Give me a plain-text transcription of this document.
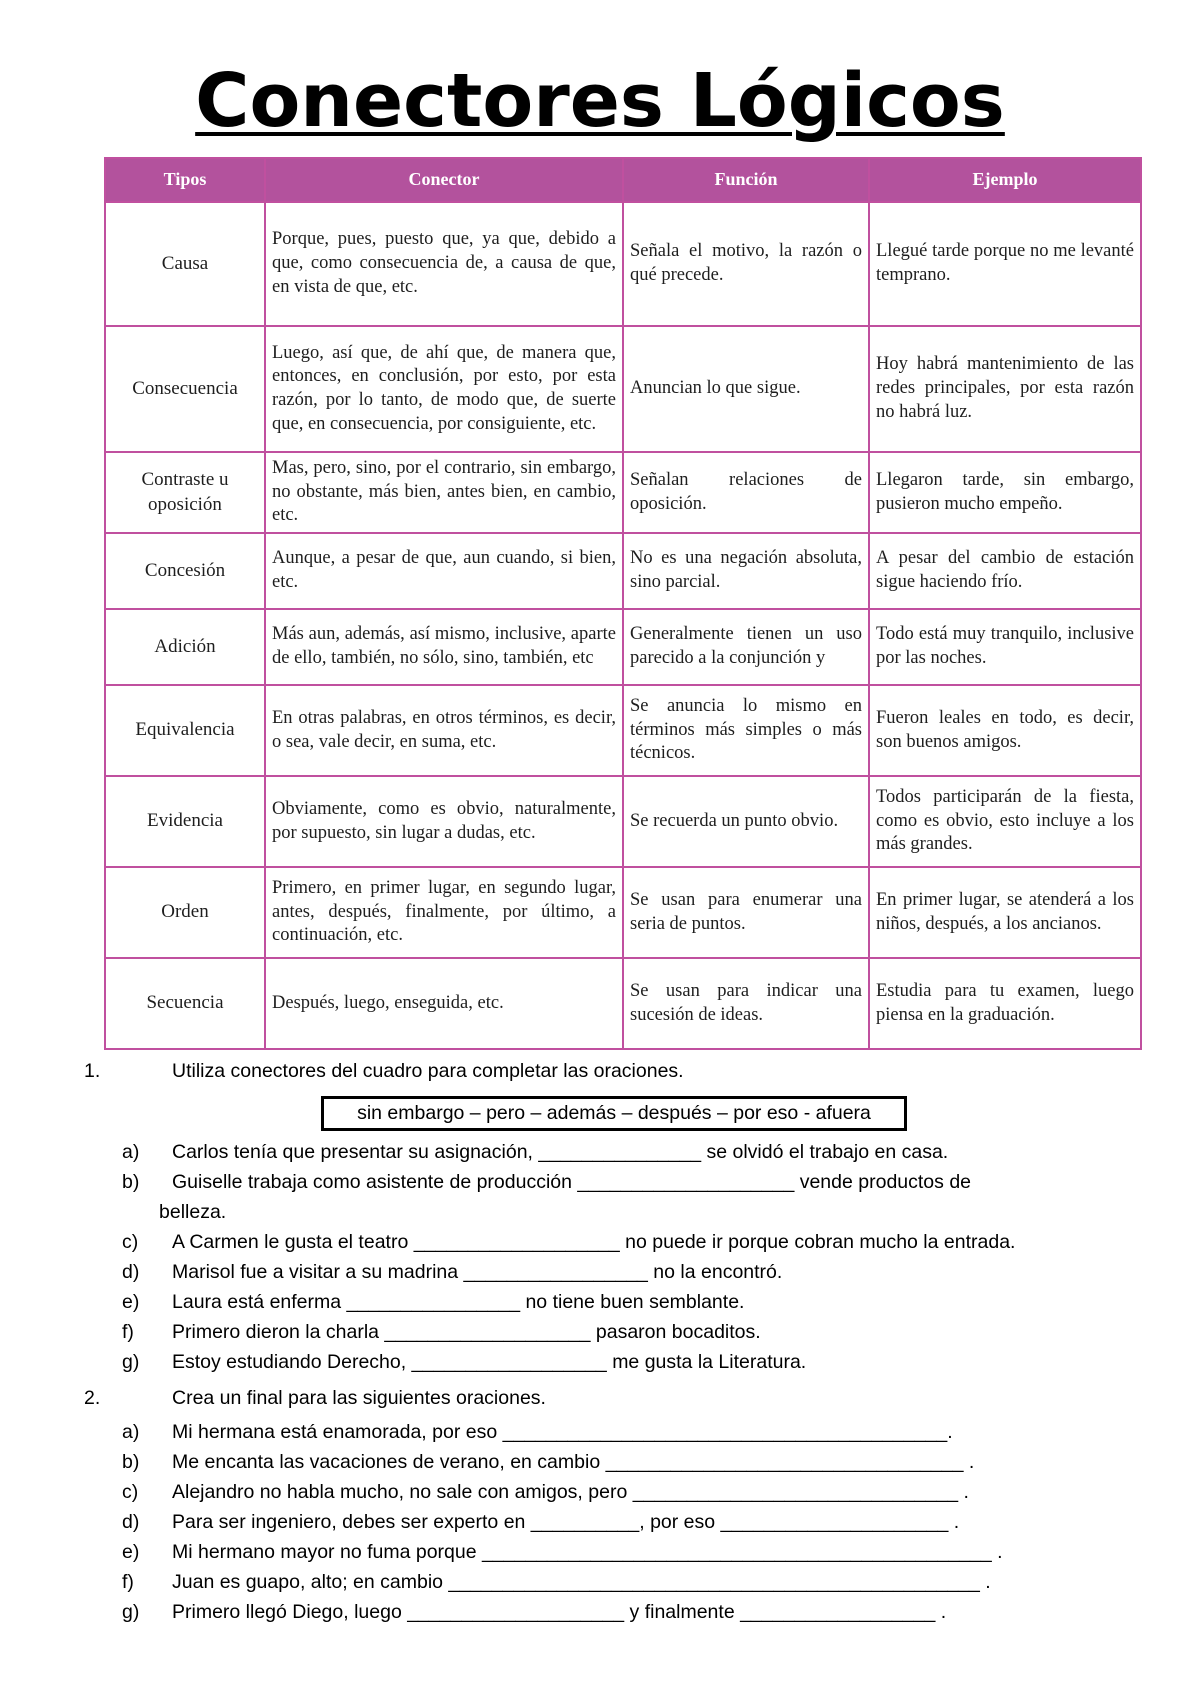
Conectores Lógicos
Tipos	Conector	Función	Ejemplo
Causa	Porque, pues, puesto que, ya que, debido a que, como consecuencia de, a causa de que, en vista de que, etc.	Señala el motivo, la razón o qué precede.	Llegué tarde porque no me levanté temprano.
Consecuencia	Luego, así que, de ahí que, de manera que, entonces, en conclusión, por esto, por esta razón, por lo tanto, de modo que, de suerte que, en consecuencia, por consiguiente, etc.	Anuncian lo que sigue.	Hoy habrá mantenimiento de las redes principales, por esta razón no habrá luz.
Contraste u oposición	Mas, pero, sino, por el contrario, sin embargo, no obstante, más bien, antes bien, en cambio, etc.	Señalan relaciones de oposición.	Llegaron tarde, sin embargo, pusieron mucho empeño.
Concesión	Aunque, a pesar de que, aun cuando, si bien, etc.	No es una negación absoluta, sino parcial.	A pesar del cambio de estación sigue haciendo frío.
Adición	Más aun, además, así mismo, inclusive, aparte de ello, también, no sólo, sino, también, etc	Generalmente tienen un uso parecido a la conjunción y	Todo está muy tranquilo, inclusive por las noches.
Equivalencia	En otras palabras, en otros términos, es decir, o sea, vale decir, en suma, etc.	Se anuncia lo mismo en términos más simples o más técnicos.	Fueron leales en todo, es decir, son buenos amigos.
Evidencia	Obviamente, como es obvio, naturalmente, por supuesto, sin lugar a dudas, etc.	Se recuerda un punto obvio.	Todos participarán de la fiesta, como es obvio, esto incluye a los más grandes.
Orden	Primero, en primer lugar, en segundo lugar, antes, después, finalmente, por último, a continuación, etc.	Se usan para enumerar una seria de puntos.	En primer lugar, se atenderá a los niños, después, a los ancianos.
Secuencia	Después, luego, enseguida, etc.	Se usan para indicar una sucesión de ideas.	Estudia para tu examen, luego piensa en la graduación.
1.	Utiliza conectores del cuadro para completar las oraciones.
sin embargo – pero – además – después – por eso - afuera
a)	Carlos tenía que presentar su asignación, _______________ se olvidó el trabajo en casa.
b)	Guiselle trabaja como asistente de producción ____________________ vende productos de
belleza.
c)	A Carmen le gusta el teatro ___________________ no puede ir porque cobran mucho la entrada.
d)	Marisol fue a visitar a su madrina _________________ no la encontró.
e)	Laura está enferma ________________ no tiene buen semblante.
f)	Primero dieron la charla ___________________ pasaron bocaditos.
g)	Estoy estudiando Derecho, __________________ me gusta la Literatura.
2.	Crea un final para las siguientes oraciones.
a)	Mi hermana está enamorada, por eso _________________________________________.
b)	Me encanta las vacaciones de verano, en cambio _________________________________ .
c)	Alejandro no habla mucho, no sale con amigos, pero ______________________________ .
d)	Para ser ingeniero, debes ser experto en __________, por eso _____________________ .
e)	Mi hermano mayor no fuma porque _______________________________________________ .
f)	Juan es guapo, alto; en cambio _________________________________________________ .
g)	Primero llegó Diego, luego ____________________ y finalmente __________________ .
